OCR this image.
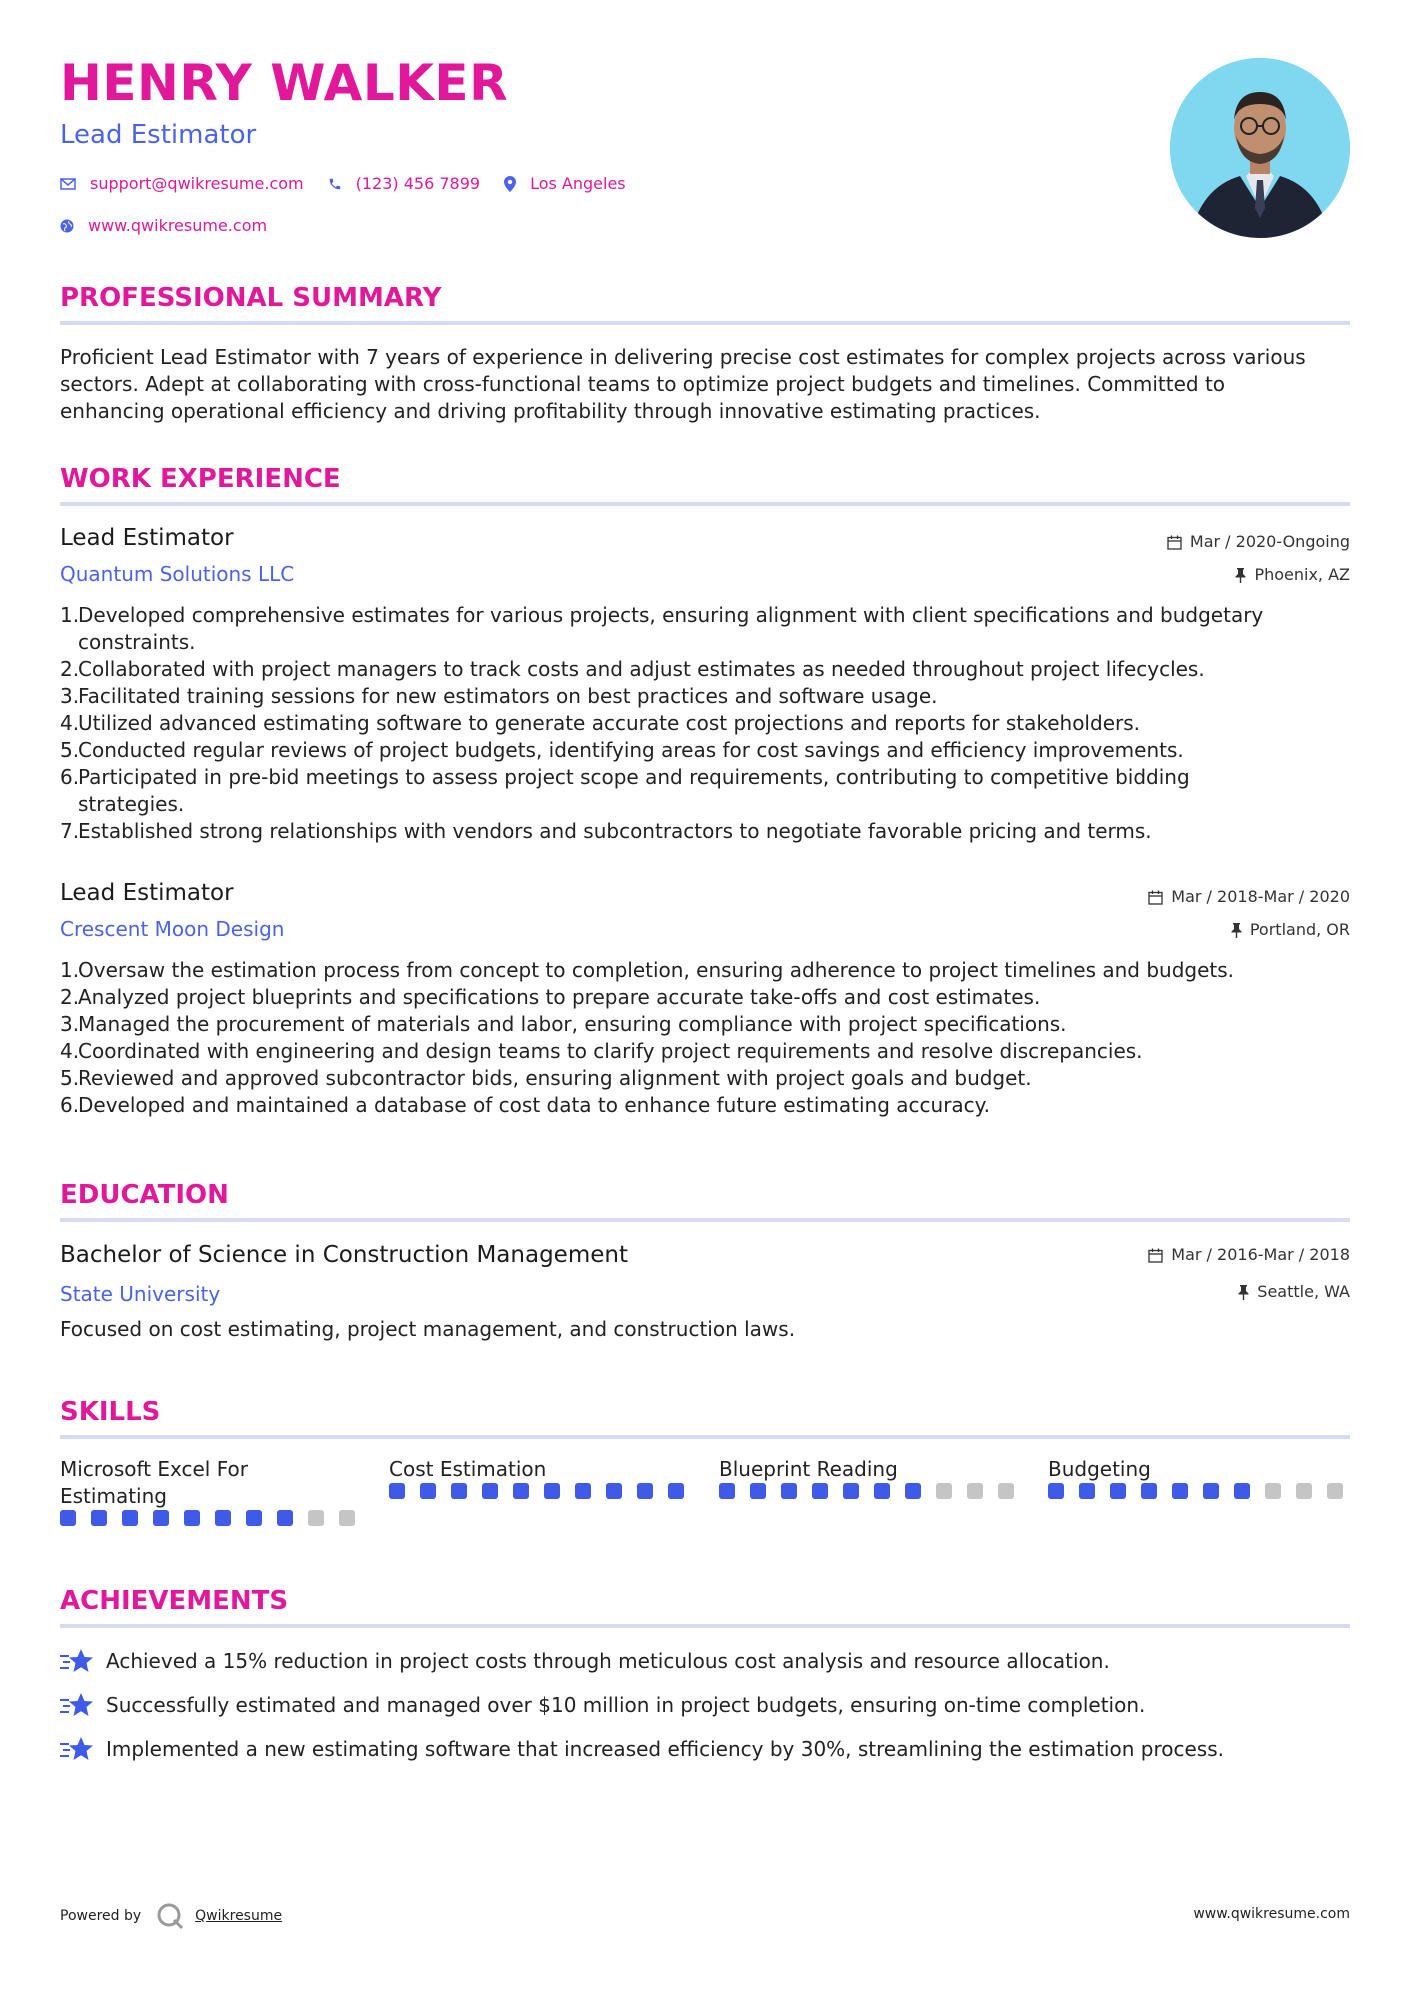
HENRY WALKER
Lead Estimator
support@qwikresume.com	(123) 456 7899	Los Angeles
www.qwikresume.com
PROFESSIONAL SUMMARY
Proficient Lead Estimator with 7 years of experience in delivering precise cost estimates for complex projects across various
sectors. Adept at collaborating with cross-functional teams to optimize project budgets and timelines. Committed to
enhancing operational efficiency and driving profitability through innovative estimating practices.
WORK EXPERIENCE
Lead Estimator	Mar / 2020-Ongoing
Quantum Solutions LLC	Phoenix, AZ
1.
Developed comprehensive estimates for various projects, ensuring alignment with client specifications and budgetary
constraints.
2.
Collaborated with project managers to track costs and adjust estimates as needed throughout project lifecycles.
3.
Facilitated training sessions for new estimators on best practices and software usage.
4.
Utilized advanced estimating software to generate accurate cost projections and reports for stakeholders.
5.
Conducted regular reviews of project budgets, identifying areas for cost savings and efficiency improvements.
6.
Participated in pre-bid meetings to assess project scope and requirements, contributing to competitive bidding
strategies.
7.
Established strong relationships with vendors and subcontractors to negotiate favorable pricing and terms.
Lead Estimator	Mar / 2018-Mar / 2020
Crescent Moon Design	Portland, OR
1.
Oversaw the estimation process from concept to completion, ensuring adherence to project timelines and budgets.
2.
Analyzed project blueprints and specifications to prepare accurate take-offs and cost estimates.
3.
Managed the procurement of materials and labor, ensuring compliance with project specifications.
4.
Coordinated with engineering and design teams to clarify project requirements and resolve discrepancies.
5.
Reviewed and approved subcontractor bids, ensuring alignment with project goals and budget.
6.
Developed and maintained a database of cost data to enhance future estimating accuracy.
EDUCATION
Bachelor of Science in Construction Management	Mar / 2016-Mar / 2018
State University	Seattle, WA
Focused on cost estimating, project management, and construction laws.
SKILLS
Microsoft Excel For
Estimating
Cost Estimation	Blueprint Reading	Budgeting
ACHIEVEMENTS
Achieved a 15% reduction in project costs through meticulous cost analysis and resource allocation.
Successfully estimated and managed over $10 million in project budgets, ensuring on-time completion.
Implemented a new estimating software that increased efficiency by 30%, streamlining the estimation process.
Powered by	Qwikresume	www.qwikresume.com
